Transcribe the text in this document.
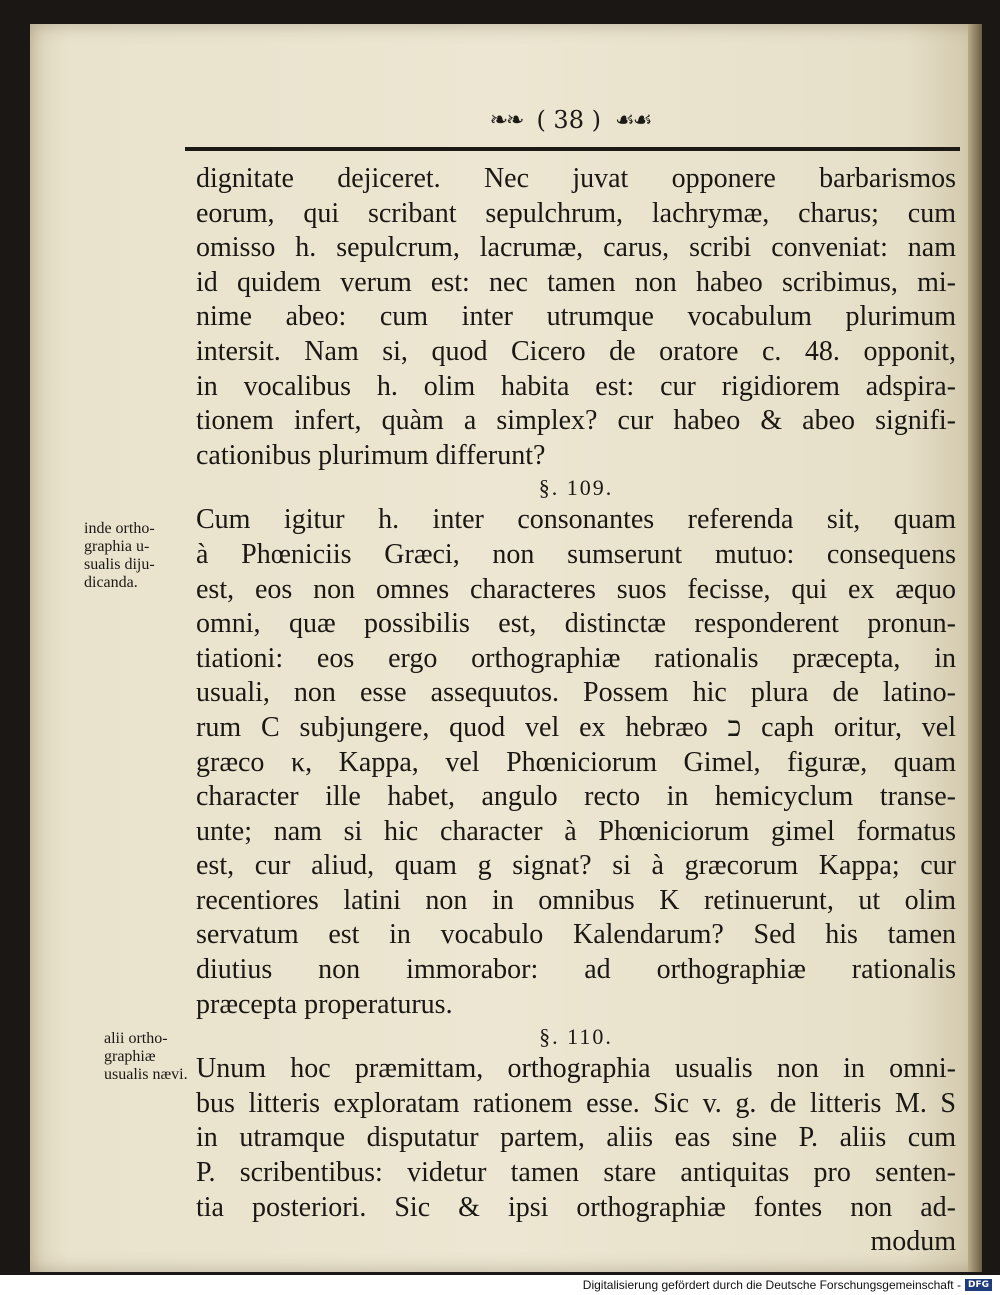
❧❧ ( 38 ) ☙☙
dignitate dejiceret. Nec juvat opponere barbarismos
eorum, qui scribant sepulchrum, lachrymæ, charus; cum
omisso h. sepulcrum, lacrumæ, carus, scribi conveniat: nam
id quidem verum est: nec tamen non habeo scribimus, mi-
nime abeo: cum inter utrumque vocabulum plurimum
intersit. Nam si, quod Cicero de oratore c. 48. opponit,
in vocalibus h. olim habita est: cur rigidiorem adspira-
tionem infert, quàm a simplex? cur habeo & abeo signifi-
cationibus plurimum differunt?
§. 109.
Cum igitur h. inter consonantes referenda sit, quam
à Phœniciis Græci, non sumserunt mutuo: consequens
est, eos non omnes characteres suos fecisse, qui ex æquo
omni, quæ possibilis est, distinctæ responderent pronun-
tiationi: eos ergo orthographiæ rationalis præcepta, in
usuali, non esse assequutos. Possem hic plura de latino-
rum C subjungere, quod vel ex hebræo כ caph oritur, vel
græco κ, Kappa, vel Phœniciorum Gimel, figuræ, quam
character ille habet, angulo recto in hemicyclum transe-
unte; nam si hic character à Phœniciorum gimel formatus
est, cur aliud, quam g signat? si à græcorum Kappa; cur
recentiores latini non in omnibus K retinuerunt, ut olim
servatum est in vocabulo Kalendarum? Sed his tamen
diutius non immorabor: ad orthographiæ rationalis
præcepta properaturus.
§. 110.
Unum hoc præmittam, orthographia usualis non in omni-
bus litteris exploratam rationem esse. Sic v. g. de litteris M. S
in utramque disputatur partem, aliis eas sine P. aliis cum
P. scribentibus: videtur tamen stare antiquitas pro senten-
tia posteriori. Sic & ipsi orthographiæ fontes non ad-
modum
inde ortho-
graphia u-
sualis diju-
dicanda.
alii ortho-
graphiæ
usualis nævi.
Digitalisierung gefördert durch die Deutsche Forschungsgemeinschaft - DFG
